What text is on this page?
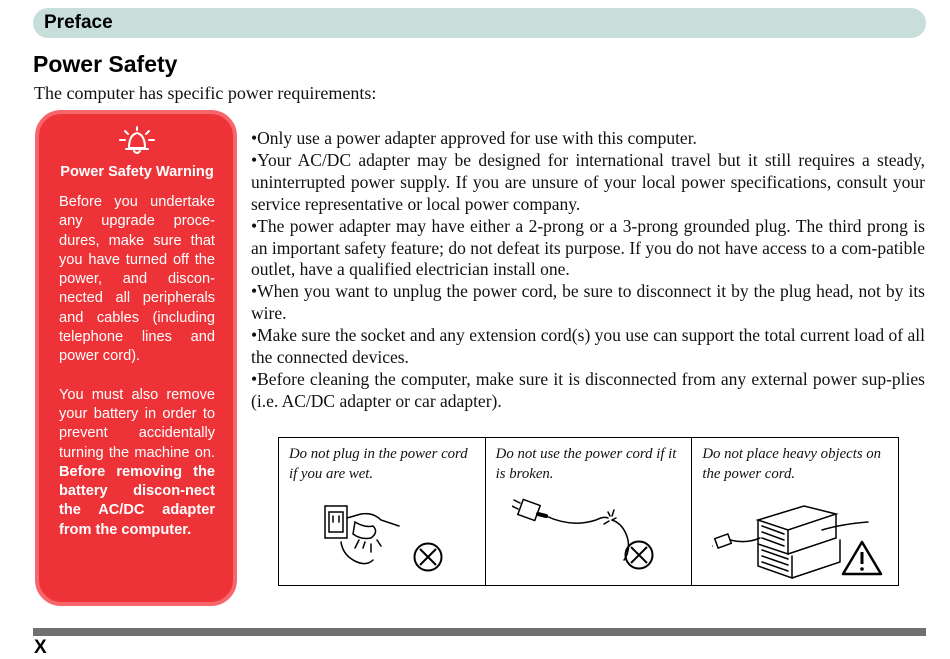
Preface
Power Safety

The computer has specific power requirements:

Power Safety Warning
Before you undertake any upgrade proce-dures, make sure that you have turned off the power, and discon-nected all peripherals and cables (including telephone lines and power cord).
You must also remove your battery in order to prevent accidentally turning the machine on. Before removing the battery discon-nect the AC/DC adapter from the computer.
•Only use a power adapter approved for use with this computer.
•Your AC/DC adapter may be designed for international travel but it still requires a steady, uninterrupted power supply. If you are unsure of your local power specifications, consult your service representative or local power company.
•The power adapter may have either a 2-prong or a 3-prong grounded plug. The third prong is an important safety feature; do not defeat its purpose. If you do not have access to a com-patible outlet, have a qualified electrician install one.
•When you want to unplug the power cord, be sure to disconnect it by the plug head, not by its wire.
•Make sure the socket and any extension cord(s) you use can support the total current load of all the connected devices.
•Before cleaning the computer, make sure it is disconnected from any external power sup-plies (i.e. AC/DC adapter or car adapter).
Do not plug in the power cord if you are wet.
Do not use the power cord if it is broken.
Do not place heavy objects on the power cord.
X
